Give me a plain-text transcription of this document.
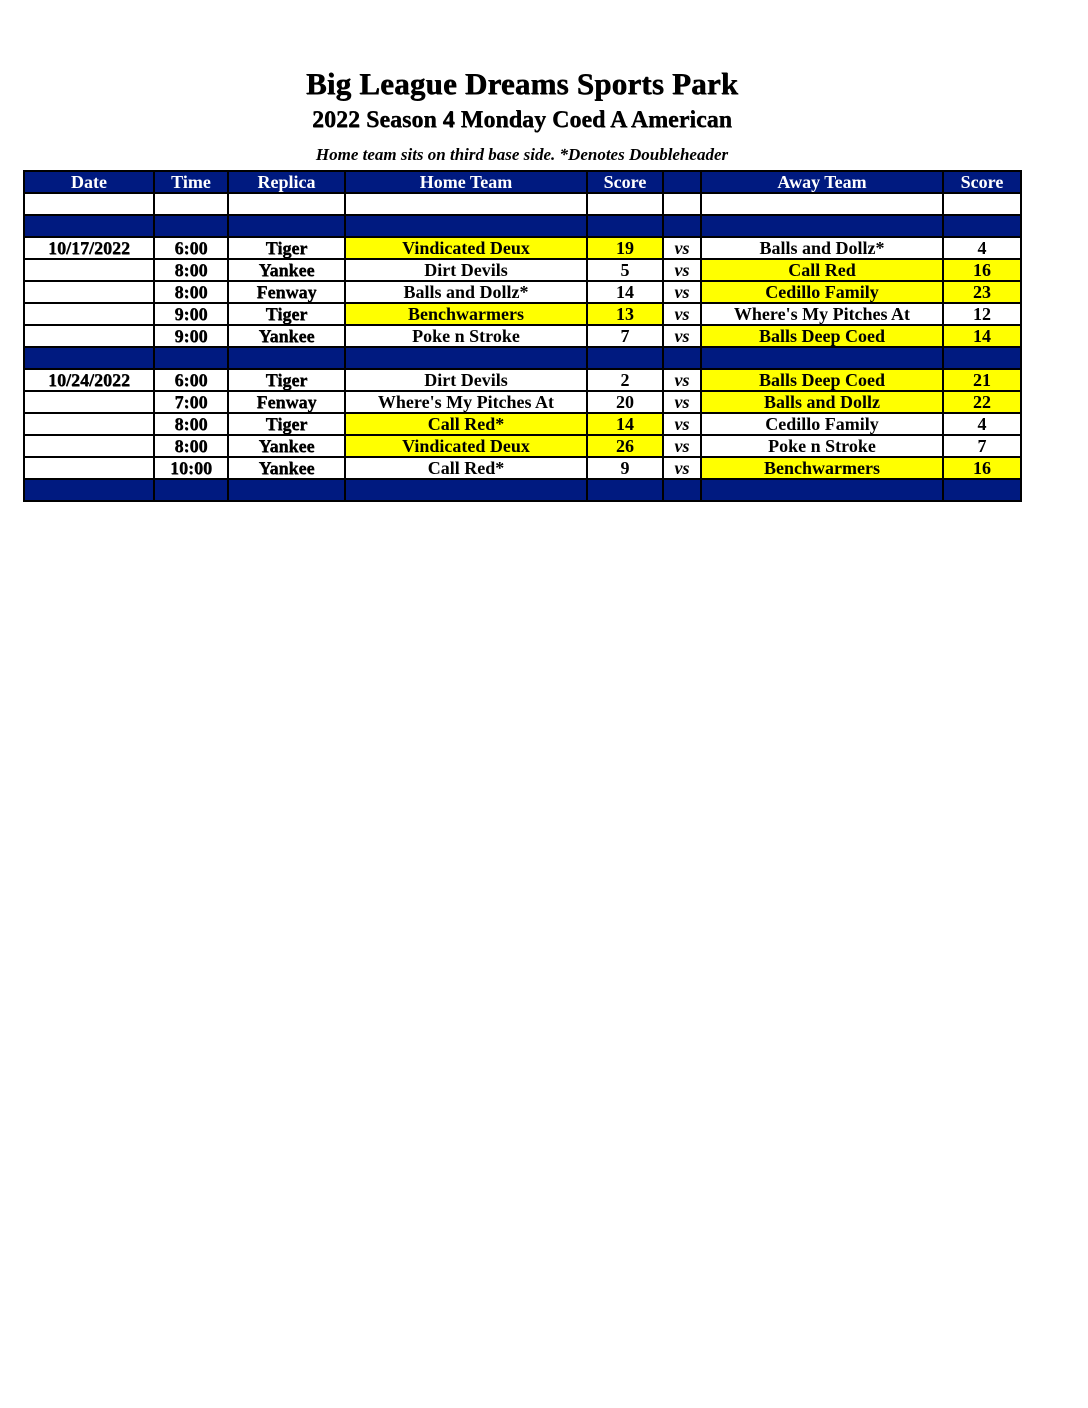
Big League Dreams Sports Park
2022 Season 4 Monday Coed A American
Home team sits on third base side. *Denotes Doubleheader
Date	Time	Replica	Home Team	Score		Away Team	Score

10/17/2022	6:00	Tiger	Vindicated Deux	19	vs	Balls and Dollz*	4
	8:00	Yankee	Dirt Devils	5	vs	Call Red	16
	8:00	Fenway	Balls and Dollz*	14	vs	Cedillo Family	23
	9:00	Tiger	Benchwarmers	13	vs	Where's My Pitches At	12
	9:00	Yankee	Poke n Stroke	7	vs	Balls Deep Coed	14

10/24/2022	6:00	Tiger	Dirt Devils	2	vs	Balls Deep Coed	21
	7:00	Fenway	Where's My Pitches At	20	vs	Balls and Dollz	22
	8:00	Tiger	Call Red*	14	vs	Cedillo Family	4
	8:00	Yankee	Vindicated Deux	26	vs	Poke n Stroke	7
	10:00	Yankee	Call Red*	9	vs	Benchwarmers	16
